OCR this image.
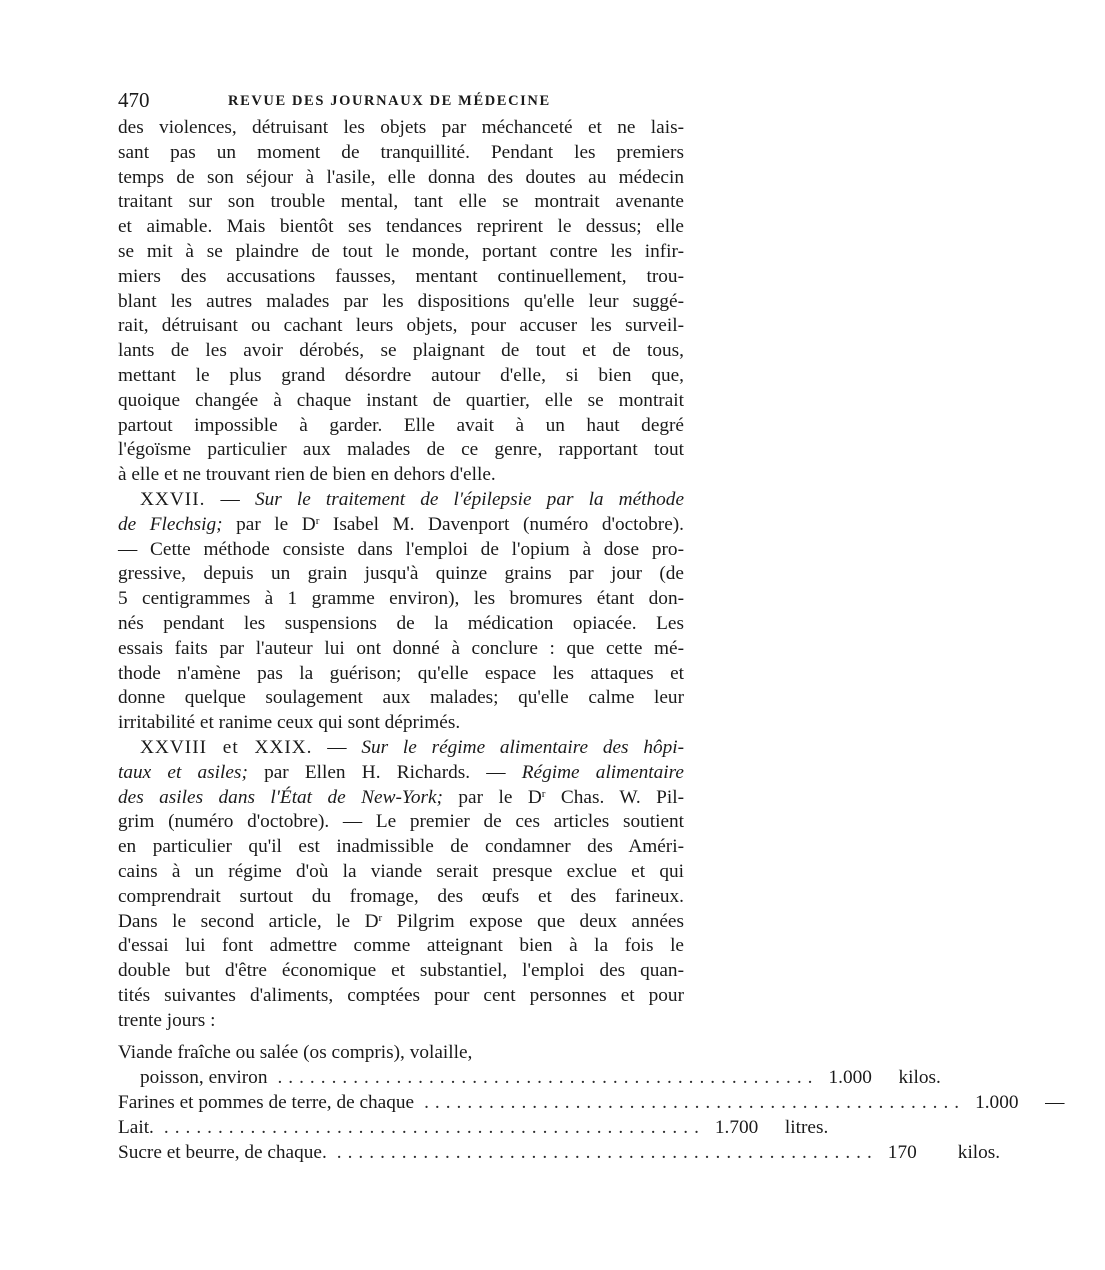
470	REVUE DES JOURNAUX DE MÉDECINE
des violences, détruisant les objets par méchanceté et ne lais-
sant pas un moment de tranquillité. Pendant les premiers
temps de son séjour à l'asile, elle donna des doutes au médecin
traitant sur son trouble mental, tant elle se montrait avenante
et aimable. Mais bientôt ses tendances reprirent le dessus; elle
se mit à se plaindre de tout le monde, portant contre les infir-
miers des accusations fausses, mentant continuellement, trou-
blant les autres malades par les dispositions qu'elle leur suggé-
rait, détruisant ou cachant leurs objets, pour accuser les surveil-
lants de les avoir dérobés, se plaignant de tout et de tous,
mettant le plus grand désordre autour d'elle, si bien que,
quoique changée à chaque instant de quartier, elle se montrait
partout impossible à garder. Elle avait à un haut degré
l'égoïsme particulier aux malades de ce genre, rapportant tout
à elle et ne trouvant rien de bien en dehors d'elle.
XXVII. — Sur le traitement de l'épilepsie par la méthode
de Flechsig; par le $D^r$ Isabel M. Davenport (numéro d'octobre).
— Cette méthode consiste dans l'emploi de l'opium à dose pro-
gressive, depuis un grain jusqu'à quinze grains par jour (de
5 centigrammes à 1 gramme environ), les bromures étant don-
nés pendant les suspensions de la médication opiacée. Les
essais faits par l'auteur lui ont donné à conclure : que cette mé-
thode n'amène pas la guérison; qu'elle espace les attaques et
donne quelque soulagement aux malades; qu'elle calme leur
irritabilité et ranime ceux qui sont déprimés.
XXVIII et XXIX. — Sur le régime alimentaire des hôpi-
taux et asiles; par Ellen H. Richards. — Régime alimentaire
des asiles dans l'État de New-York; par le $D^r$ Chas. W. Pil-
grim (numéro d'octobre). — Le premier de ces articles soutient
en particulier qu'il est inadmissible de condamner des Améri-
cains à un régime d'où la viande serait presque exclue et qui
comprendrait surtout du fromage, des œufs et des farineux.
Dans le second article, le $D^r$ Pilgrim expose que deux années
d'essai lui font admettre comme atteignant bien à la fois le
double but d'être économique et substantiel, l'emploi des quan-
tités suivantes d'aliments, comptées pour cent personnes et pour
trente jours :
Viande fraîche ou salée (os compris), volaille,
poisson, environ .................................................. 1.000	kilos.
Farines et pommes de terre, de chaque .................................................. 1.000	—
Lait. .................................................. 1.700	litres.
Sucre et beurre, de chaque. .................................................. 170	kilos.
